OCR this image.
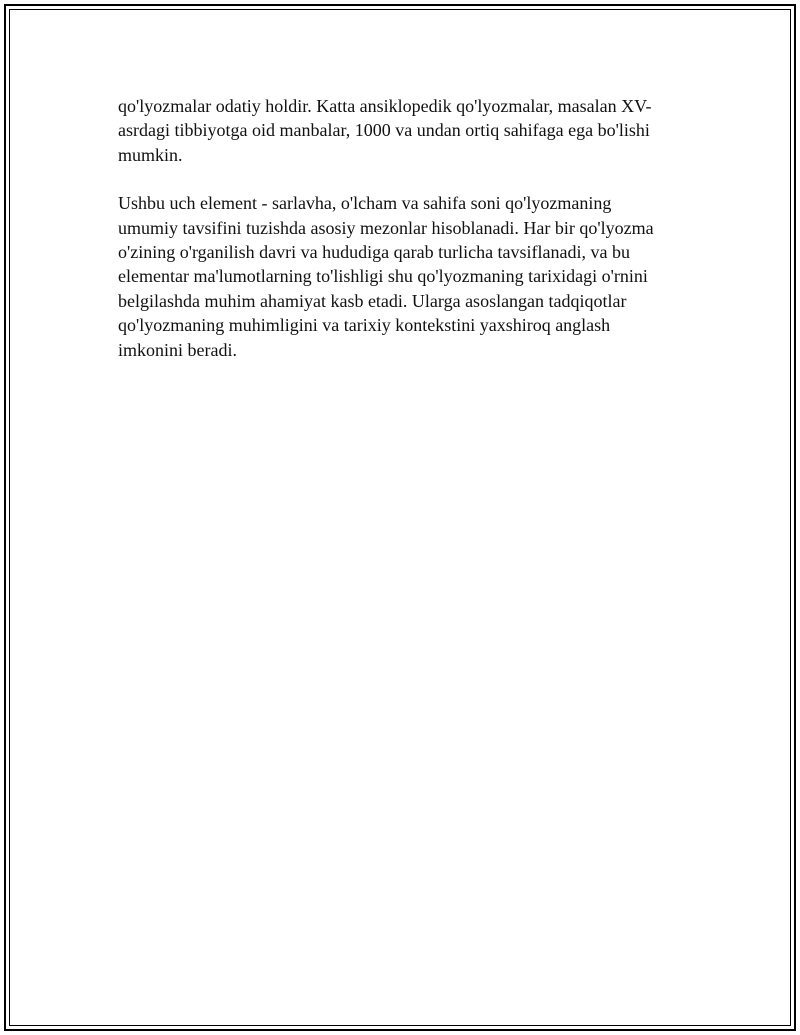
qo'lyozmalar odatiy holdir. Katta ansiklopedik qo'lyozmalar, masalan XV-asrdagi tibbiyotga oid manbalar, 1000 va undan ortiq sahifaga ega bo'lishi mumkin.

Ushbu uch element - sarlavha, o'lcham va sahifa soni qo'lyozmaning umumiy tavsifini tuzishda asosiy mezonlar hisoblanadi. Har bir qo'lyozma o'zining o'rganilish davri va hududiga qarab turlicha tavsiflanadi, va bu elementar ma'lumotlarning to'lishligi shu qo'lyozmaning tarixidagi o'rnini belgilashda muhim ahamiyat kasb etadi. Ularga asoslangan tadqiqotlar qo'lyozmaning muhimligini va tarixiy kontekstini yaxshiroq anglash imkonini beradi.
